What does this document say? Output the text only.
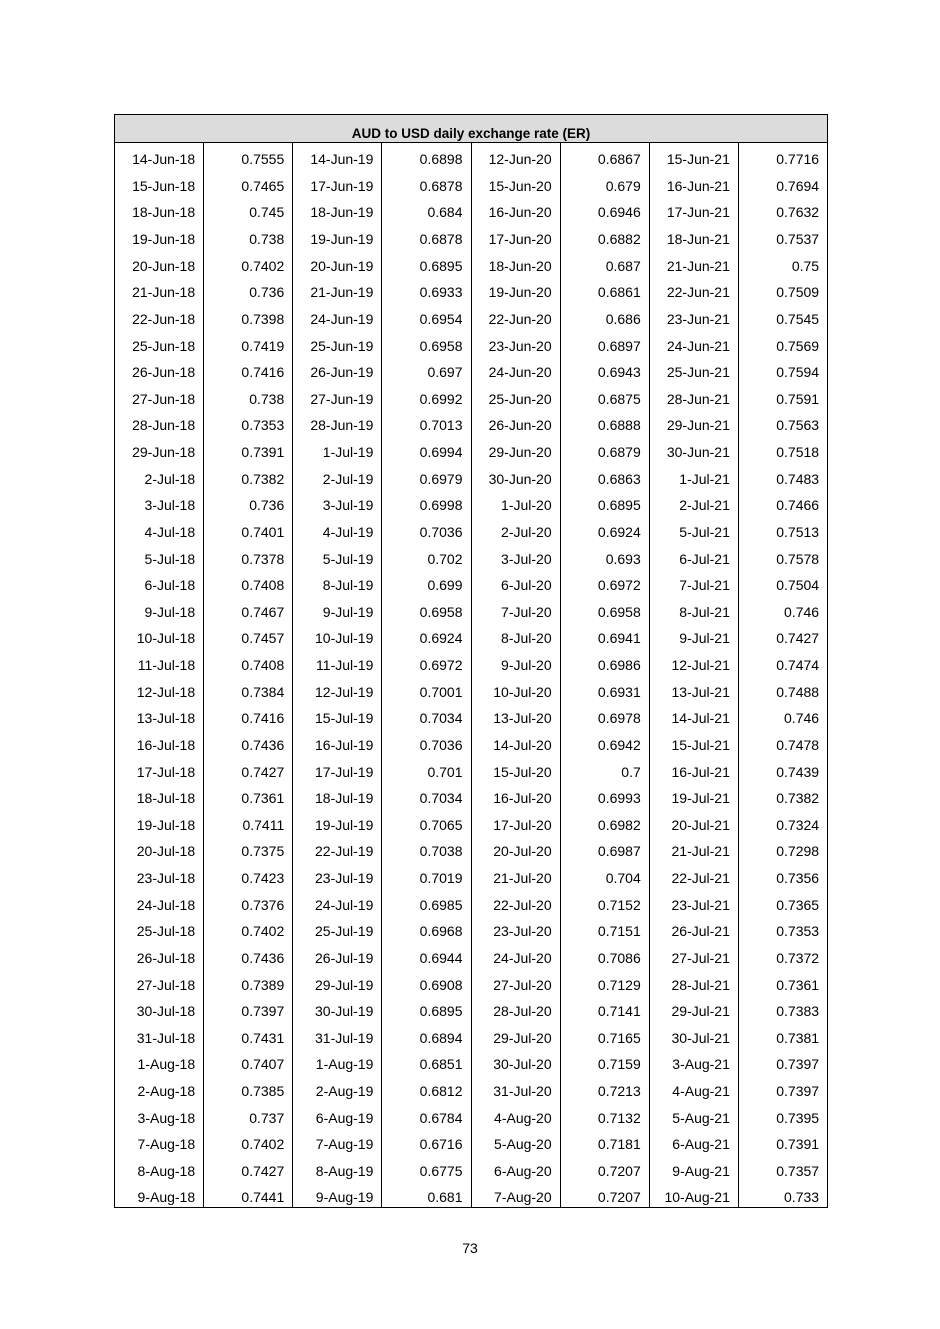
AUD to USD daily exchange rate (ER)							
14-Jun-18	0.7555	14-Jun-19	0.6898	12-Jun-20	0.6867	15-Jun-21	0.7716
15-Jun-18	0.7465	17-Jun-19	0.6878	15-Jun-20	0.679	16-Jun-21	0.7694
18-Jun-18	0.745	18-Jun-19	0.684	16-Jun-20	0.6946	17-Jun-21	0.7632
19-Jun-18	0.738	19-Jun-19	0.6878	17-Jun-20	0.6882	18-Jun-21	0.7537
20-Jun-18	0.7402	20-Jun-19	0.6895	18-Jun-20	0.687	21-Jun-21	0.75
21-Jun-18	0.736	21-Jun-19	0.6933	19-Jun-20	0.6861	22-Jun-21	0.7509
22-Jun-18	0.7398	24-Jun-19	0.6954	22-Jun-20	0.686	23-Jun-21	0.7545
25-Jun-18	0.7419	25-Jun-19	0.6958	23-Jun-20	0.6897	24-Jun-21	0.7569
26-Jun-18	0.7416	26-Jun-19	0.697	24-Jun-20	0.6943	25-Jun-21	0.7594
27-Jun-18	0.738	27-Jun-19	0.6992	25-Jun-20	0.6875	28-Jun-21	0.7591
28-Jun-18	0.7353	28-Jun-19	0.7013	26-Jun-20	0.6888	29-Jun-21	0.7563
29-Jun-18	0.7391	1-Jul-19	0.6994	29-Jun-20	0.6879	30-Jun-21	0.7518
2-Jul-18	0.7382	2-Jul-19	0.6979	30-Jun-20	0.6863	1-Jul-21	0.7483
3-Jul-18	0.736	3-Jul-19	0.6998	1-Jul-20	0.6895	2-Jul-21	0.7466
4-Jul-18	0.7401	4-Jul-19	0.7036	2-Jul-20	0.6924	5-Jul-21	0.7513
5-Jul-18	0.7378	5-Jul-19	0.702	3-Jul-20	0.693	6-Jul-21	0.7578
6-Jul-18	0.7408	8-Jul-19	0.699	6-Jul-20	0.6972	7-Jul-21	0.7504
9-Jul-18	0.7467	9-Jul-19	0.6958	7-Jul-20	0.6958	8-Jul-21	0.746
10-Jul-18	0.7457	10-Jul-19	0.6924	8-Jul-20	0.6941	9-Jul-21	0.7427
11-Jul-18	0.7408	11-Jul-19	0.6972	9-Jul-20	0.6986	12-Jul-21	0.7474
12-Jul-18	0.7384	12-Jul-19	0.7001	10-Jul-20	0.6931	13-Jul-21	0.7488
13-Jul-18	0.7416	15-Jul-19	0.7034	13-Jul-20	0.6978	14-Jul-21	0.746
16-Jul-18	0.7436	16-Jul-19	0.7036	14-Jul-20	0.6942	15-Jul-21	0.7478
17-Jul-18	0.7427	17-Jul-19	0.701	15-Jul-20	0.7	16-Jul-21	0.7439
18-Jul-18	0.7361	18-Jul-19	0.7034	16-Jul-20	0.6993	19-Jul-21	0.7382
19-Jul-18	0.7411	19-Jul-19	0.7065	17-Jul-20	0.6982	20-Jul-21	0.7324
20-Jul-18	0.7375	22-Jul-19	0.7038	20-Jul-20	0.6987	21-Jul-21	0.7298
23-Jul-18	0.7423	23-Jul-19	0.7019	21-Jul-20	0.704	22-Jul-21	0.7356
24-Jul-18	0.7376	24-Jul-19	0.6985	22-Jul-20	0.7152	23-Jul-21	0.7365
25-Jul-18	0.7402	25-Jul-19	0.6968	23-Jul-20	0.7151	26-Jul-21	0.7353
26-Jul-18	0.7436	26-Jul-19	0.6944	24-Jul-20	0.7086	27-Jul-21	0.7372
27-Jul-18	0.7389	29-Jul-19	0.6908	27-Jul-20	0.7129	28-Jul-21	0.7361
30-Jul-18	0.7397	30-Jul-19	0.6895	28-Jul-20	0.7141	29-Jul-21	0.7383
31-Jul-18	0.7431	31-Jul-19	0.6894	29-Jul-20	0.7165	30-Jul-21	0.7381
1-Aug-18	0.7407	1-Aug-19	0.6851	30-Jul-20	0.7159	3-Aug-21	0.7397
2-Aug-18	0.7385	2-Aug-19	0.6812	31-Jul-20	0.7213	4-Aug-21	0.7397
3-Aug-18	0.737	6-Aug-19	0.6784	4-Aug-20	0.7132	5-Aug-21	0.7395
7-Aug-18	0.7402	7-Aug-19	0.6716	5-Aug-20	0.7181	6-Aug-21	0.7391
8-Aug-18	0.7427	8-Aug-19	0.6775	6-Aug-20	0.7207	9-Aug-21	0.7357
9-Aug-18	0.7441	9-Aug-19	0.681	7-Aug-20	0.7207	10-Aug-21	0.733
73
